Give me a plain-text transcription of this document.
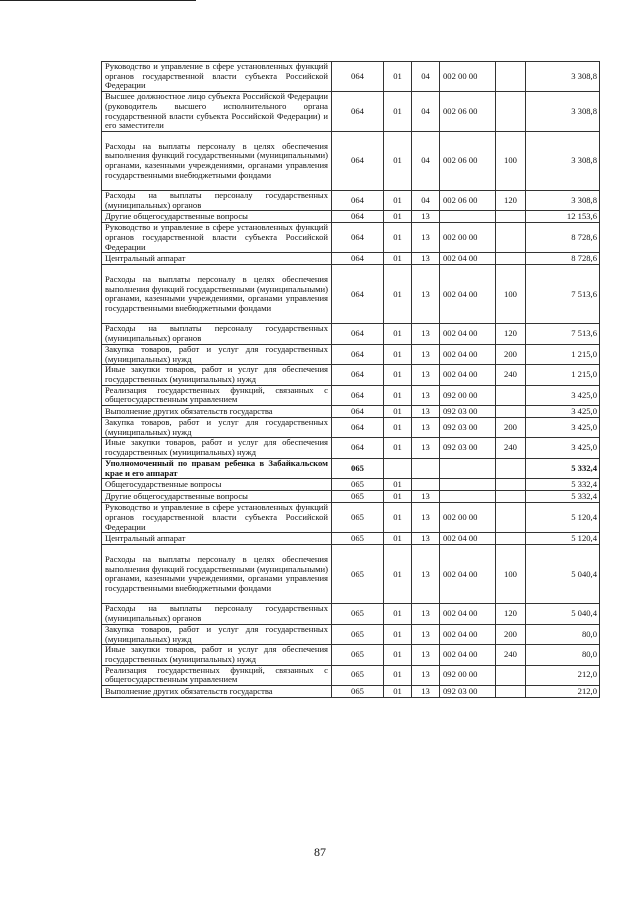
Руководство и управление в сфере установленных функций органов государственной власти субъекта Российской Федерации	064	01	04	002 00 00		3 308,8
Высшее должностное лицо субъекта Российской Федерации (руководитель высшего исполнительного органа государственной власти субъекта Российской Федерации) и его заместители	064	01	04	002 06 00		3 308,8
Расходы на выплаты персоналу в целях обеспечения выполнения функций государственными (муниципальными) органами, казенными учреждениями, органами управления государственными внебюджетными фондами	064	01	04	002 06 00	100	3 308,8
Расходы на выплаты персоналу государственных (муниципальных) органов	064	01	04	002 06 00	120	3 308,8
Другие общегосударственные вопросы	064	01	13			12 153,6
Руководство и управление в сфере установленных функций органов государственной власти субъекта Российской Федерации	064	01	13	002 00 00		8 728,6
Центральный аппарат	064	01	13	002 04 00		8 728,6
Расходы на выплаты персоналу в целях обеспечения выполнения функций государственными (муниципальными) органами, казенными учреждениями, органами управления государственными внебюджетными фондами	064	01	13	002 04 00	100	7 513,6
Расходы на выплаты персоналу государственных (муниципальных) органов	064	01	13	002 04 00	120	7 513,6
Закупка товаров, работ и услуг для государственных (муниципальных) нужд	064	01	13	002 04 00	200	1 215,0
Иные закупки товаров, работ и услуг для обеспечения государственных (муниципальных) нужд	064	01	13	002 04 00	240	1 215,0
Реализация государственных функций, связанных с общегосударственным управлением	064	01	13	092 00 00		3 425,0
Выполнение других обязательств государства	064	01	13	092 03 00		3 425,0
Закупка товаров, работ и услуг для государственных (муниципальных) нужд	064	01	13	092 03 00	200	3 425,0
Иные закупки товаров, работ и услуг для обеспечения государственных (муниципальных) нужд	064	01	13	092 03 00	240	3 425,0
Уполномоченный по правам ребенка в Забайкальском крае и его аппарат	065					5 332,4
Общегосударственные вопросы	065	01				5 332,4
Другие общегосударственные вопросы	065	01	13			5 332,4
Руководство и управление в сфере установленных функций органов государственной власти субъекта Российской Федерации	065	01	13	002 00 00		5 120,4
Центральный аппарат	065	01	13	002 04 00		5 120,4
Расходы на выплаты персоналу в целях обеспечения выполнения функций государственными (муниципальными) органами, казенными учреждениями, органами управления государственными внебюджетными фондами	065	01	13	002 04 00	100	5 040,4
Расходы на выплаты персоналу государственных (муниципальных) органов	065	01	13	002 04 00	120	5 040,4
Закупка товаров, работ и услуг для государственных (муниципальных) нужд	065	01	13	002 04 00	200	80,0
Иные закупки товаров, работ и услуг для обеспечения государственных (муниципальных) нужд	065	01	13	002 04 00	240	80,0
Реализация государственных функций, связанных с общегосударственным управлением	065	01	13	092 00 00		212,0
Выполнение других обязательств государства	065	01	13	092 03 00		212,0
87
